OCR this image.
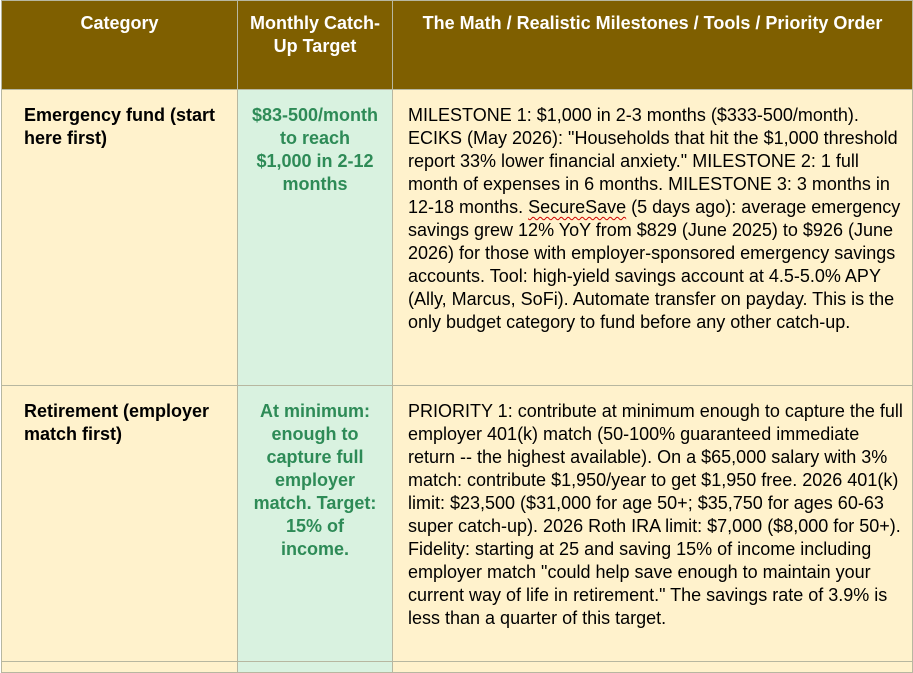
Category	Monthly Catch-Up Target	The Math / Realistic Milestones / Tools / Priority Order
Emergency fund (start here first)	$83-500/month to reach $1,000 in 2-12 months	MILESTONE 1: $1,000 in 2-3 months ($333-500/month). ECIKS (May 2026): "Households that hit the $1,000 threshold report 33% lower financial anxiety." MILESTONE 2: 1 full month of expenses in 6 months. MILESTONE 3: 3 months in 12-18 months. SecureSave (5 days ago): average emergency savings grew 12% YoY from $829 (June 2025) to $926 (June 2026) for those with employer-sponsored emergency savings accounts. Tool: high-yield savings account at 4.5-5.0% APY (Ally, Marcus, SoFi). Automate transfer on payday. This is the only budget category to fund before any other catch-up.
Retirement (employer match first)	At minimum: enough to capture full employer match. Target: 15% of income.	PRIORITY 1: contribute at minimum enough to capture the full employer 401(k) match (50-100% guaranteed immediate return -- the highest available). On a $65,000 salary with 3% match: contribute $1,950/year to get $1,950 free. 2026 401(k) limit: $23,500 ($31,000 for age 50+; $35,750 for ages 60-63 super catch-up). 2026 Roth IRA limit: $7,000 ($8,000 for 50+). Fidelity: starting at 25 and saving 15% of income including employer match "could help save enough to maintain your current way of life in retirement." The savings rate of 3.9% is less than a quarter of this target.
